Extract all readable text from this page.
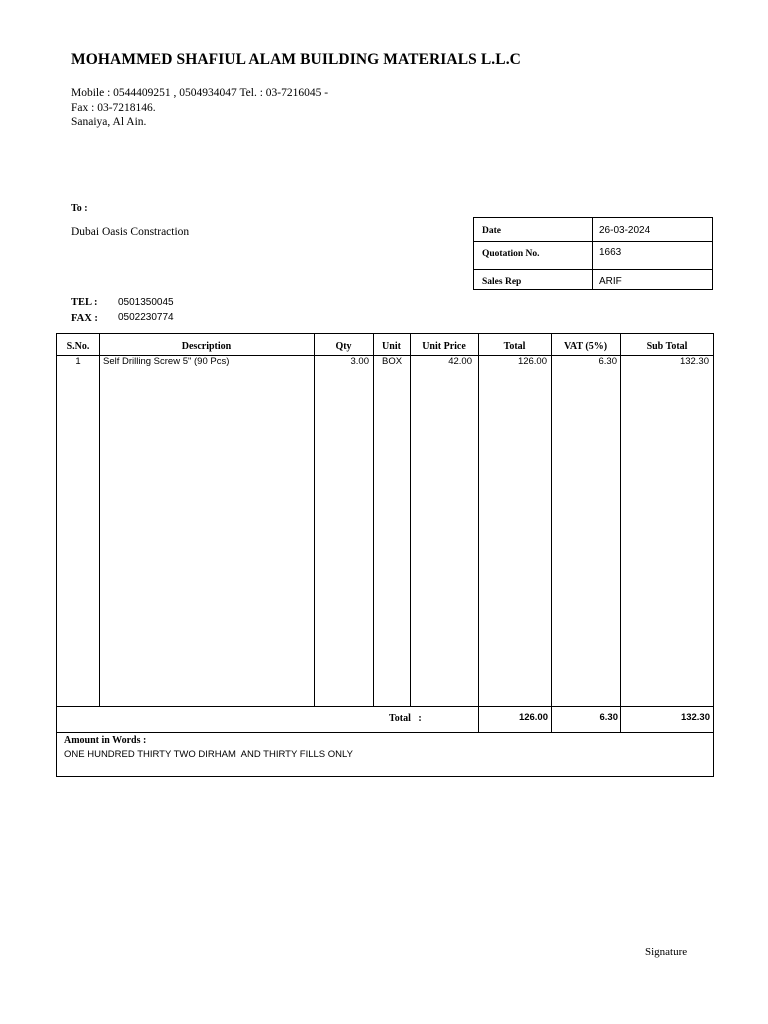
MOHAMMED SHAFIUL ALAM BUILDING MATERIALS L.L.C
Mobile : 0544409251 , 0504934047 Tel. : 03-7216045 -
Fax : 03-7218146.
Sanaiya, Al Ain.
To :
Dubai Oasis Constraction
TEL : 0501350045
FAX : 0502230774
Date	26-03-2024
Quotation No.	1663
Sales Rep	ARIF
S.No.	Description	Qty	Unit	Unit Price	Total	VAT (5%)	Sub Total
1	Self Drilling Screw 5" (90 Pcs)	3.00 BOX	42.00	126.00	6.30	132.30
Total   :	126.00	6.30	132.30
Amount in Words :
ONE HUNDRED THIRTY TWO DIRHAM  AND THIRTY FILLS ONLY
Signature
